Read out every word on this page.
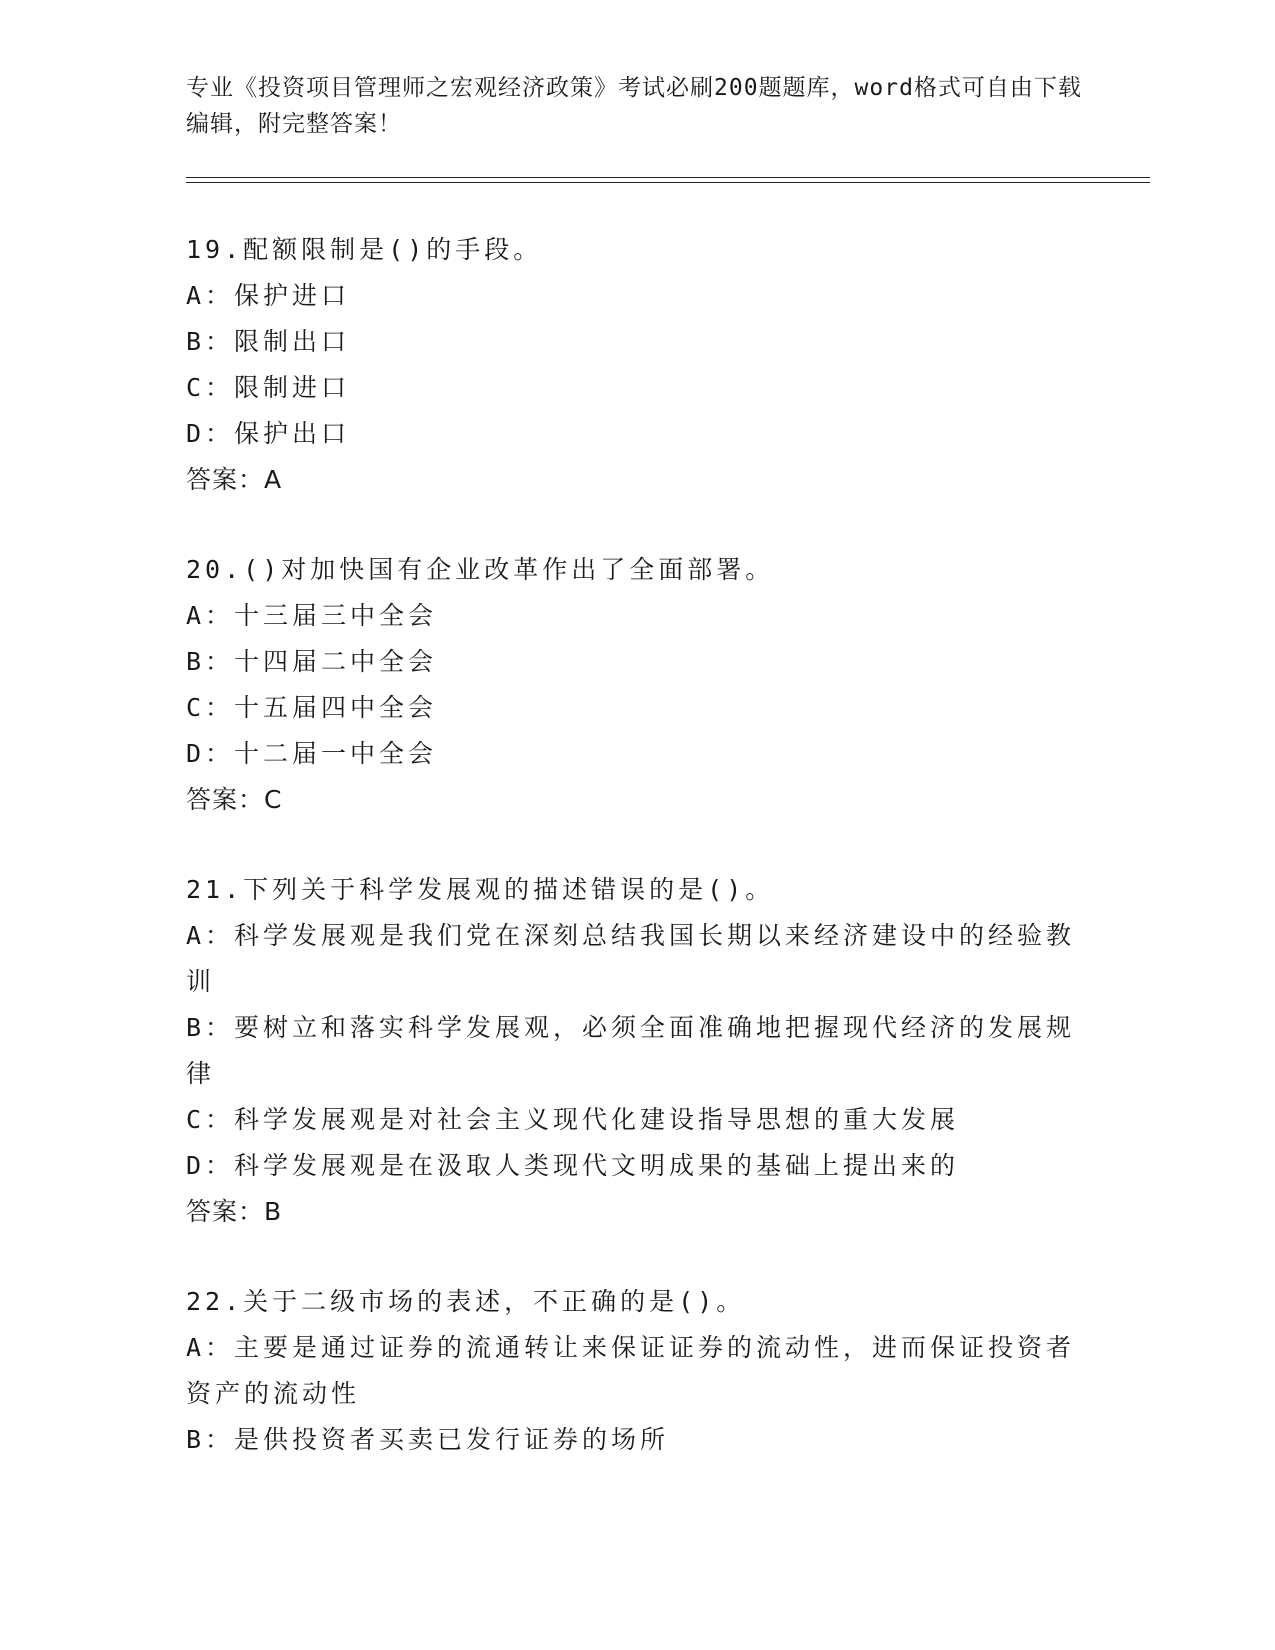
专业《投资项目管理师之宏观经济政策》考试必刷200题题库，word格式可自由下载编辑，附完整答案！
19.配额限制是()的手段。
A：保护进口
B：限制出口
C：限制进口
D：保护出口
答案：A
20.()对加快国有企业改革作出了全面部署。
A：十三届三中全会
B：十四届二中全会
C：十五届四中全会
D：十二届一中全会
答案：C
21.下列关于科学发展观的描述错误的是()。
A：科学发展观是我们党在深刻总结我国长期以来经济建设中的经验教训
B：要树立和落实科学发展观，必须全面准确地把握现代经济的发展规律
C：科学发展观是对社会主义现代化建设指导思想的重大发展
D：科学发展观是在汲取人类现代文明成果的基础上提出来的
答案：B
22.关于二级市场的表述，不正确的是()。
A：主要是通过证券的流通转让来保证证券的流动性，进而保证投资者资产的流动性
B：是供投资者买卖已发行证券的场所
